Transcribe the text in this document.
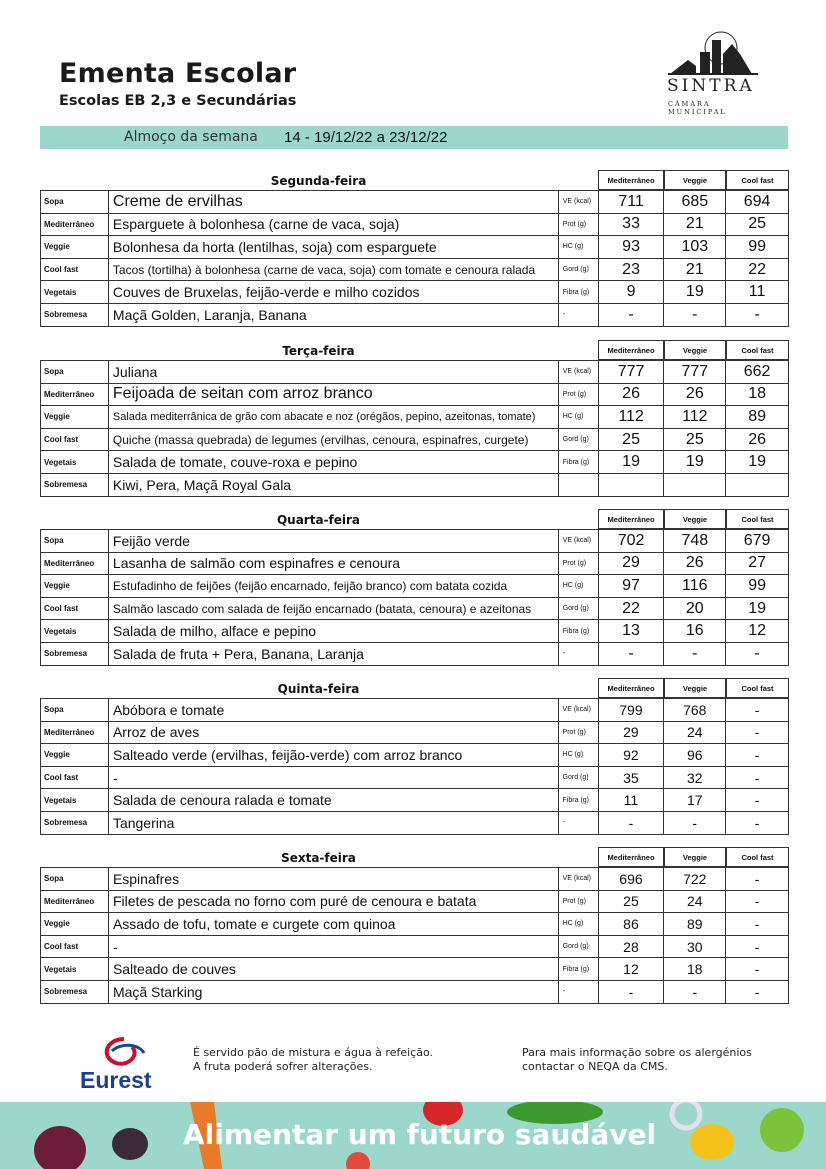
Ementa Escolar
Escolas EB 2,3 e Secundárias
SINTRA
CÂMARA MUNICIPAL
Almoço da semana 14 - 19/12/22 a 23/12/22
Segunda-feira	Mediterrâneo	Veggie	Cool fast
Sopa	Creme de ervilhas	VE (kcal)	711	685	694
Mediterrâneo	Esparguete à bolonhesa (carne de vaca, soja)	Prot (g)	33	21	25
Veggie	Bolonhesa da horta (lentilhas, soja) com esparguete	HC (g)	93	103	99
Cool fast	Tacos (tortilha) à bolonhesa (carne de vaca, soja) com tomate e cenoura ralada	Gord (g)	23	21	22
Vegetais	Couves de Bruxelas, feijão-verde e milho cozidos	Fibra (g)	9	19	11
Sobremesa	Maçã Golden, Laranja, Banana	-	-	-	-
Terça-feira	Mediterrâneo	Veggie	Cool fast
Sopa	Juliana	VE (kcal)	777	777	662
Mediterrâneo	Feijoada de seitan com arroz branco	Prot (g)	26	26	18
Veggie	Salada mediterrânica de grão com abacate e noz (orégãos, pepino, azeitonas, tomate)	HC (g)	112	112	89
Cool fast	Quiche (massa quebrada) de legumes (ervilhas, cenoura, espinafres, curgete)	Gord (g)	25	25	26
Vegetais	Salada de tomate, couve-roxa e pepino	Fibra (g)	19	19	19
Sobremesa	Kiwi, Pera, Maçã Royal Gala				
Quarta-feira	Mediterrâneo	Veggie	Cool fast
Sopa	Feijão verde	VE (kcal)	702	748	679
Mediterrâneo	Lasanha de salmão com espinafres e cenoura	Prot (g)	29	26	27
Veggie	Estufadinho de feijões (feijão encarnado, feijão branco) com batata cozida	HC (g)	97	116	99
Cool fast	Salmão lascado com salada de feijão encarnado (batata, cenoura) e azeitonas	Gord (g)	22	20	19
Vegetais	Salada de milho, alface e pepino	Fibra (g)	13	16	12
Sobremesa	Salada de fruta + Pera, Banana, Laranja	-	-	-	-
Quinta-feira	Mediterrâneo	Veggie	Cool fast
Sopa	Abóbora e tomate	VE (kcal)	799	768	-
Mediterrâneo	Arroz de aves	Prot (g)	29	24	-
Veggie	Salteado verde (ervilhas, feijão-verde) com arroz branco	HC (g)	92	96	-
Cool fast	-	Gord (g)	35	32	-
Vegetais	Salada de cenoura ralada e tomate	Fibra (g)	11	17	-
Sobremesa	Tangerina	-	-	-	-
Sexta-feira	Mediterrâneo	Veggie	Cool fast
Sopa	Espinafres	VE (kcal)	696	722	-
Mediterrâneo	Filetes de pescada no forno com puré de cenoura e batata	Prot (g)	25	24	-
Veggie	Assado de tofu, tomate e curgete com quinoa	HC (g)	86	89	-
Cool fast	-	Gord (g)	28	30	-
Vegetais	Salteado de couves	Fibra (g)	12	18	-
Sobremesa	Maçã Starking	-	-	-	-
É servido pão de mistura e água à refeição.
A fruta poderá sofrer alterações.
Para mais informação sobre os alergénios
contactar o NEQA da CMS.
Eurest
Alimentar um futuro saudável
